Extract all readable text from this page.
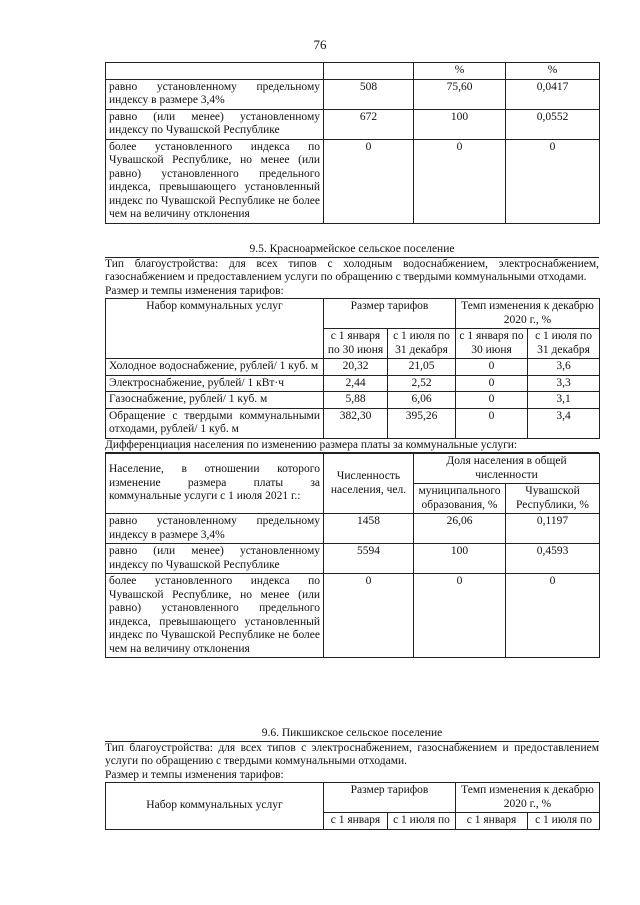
76
		%	%
равно установленному предельному индексу в размере 3,4%	508	75,60	0,0417
равно (или менее) установленному индексу по Чувашской Республике	672	100	0,0552
более установленного индекса по Чувашской Республике, но менее (или равно) установленного предельного индекса, превышающего установленный индекс по Чувашской Республике не более чем на величину отклонения	0	0	0
9.5. Красноармейское сельское поселение
Тип благоустройства: для всех типов с холодным водоснабжением, электроснабжением, газоснабжением и предоставлением услуги по обращению с твердыми коммунальными отходами.
Размер и темпы изменения тарифов:
Набор коммунальных услуг	Размер тарифов		Темп изменения к декабрю 2020 г., %	
	с 1 января по 30 июня	с 1 июля по 31 декабря	с 1 января по 30 июня	с 1 июля по 31 декабря
Холодное водоснабжение, рублей/ 1 куб. м	20,32	21,05	0	3,6
Электроснабжение, рублей/ 1 кВт·ч	2,44	2,52	0	3,3
Газоснабжение, рублей/ 1 куб. м	5,88	6,06	0	3,1
Обращение с твердыми коммунальными отходами, рублей/ 1 куб. м	382,30	395,26	0	3,4
Дифференциация населения по изменению размера платы за коммунальные услуги:
Население, в отношении которого изменение размера платы за коммунальные услуги с 1 июля 2021 г.:	Численность населения, чел.	Доля населения в общей численности	
		муниципального образования, %	Чувашской Республики, %
равно установленному предельному индексу в размере 3,4%	1458	26,06	0,1197
равно (или менее) установленному индексу по Чувашской Республике	5594	100	0,4593
более установленного индекса по Чувашской Республике, но менее (или равно) установленного предельного индекса, превышающего установленный индекс по Чувашской Республике не более чем на величину отклонения	0	0	0
9.6. Пикшикское сельское поселение
Тип благоустройства: для всех типов с электроснабжением, газоснабжением и предоставлением услуги по обращению с твердыми коммунальными отходами.
Размер и темпы изменения тарифов:
Набор коммунальных услуг	Размер тарифов		Темп изменения к декабрю 2020 г., %	
	с 1 января	с 1 июля по	с 1 января	с 1 июля по
